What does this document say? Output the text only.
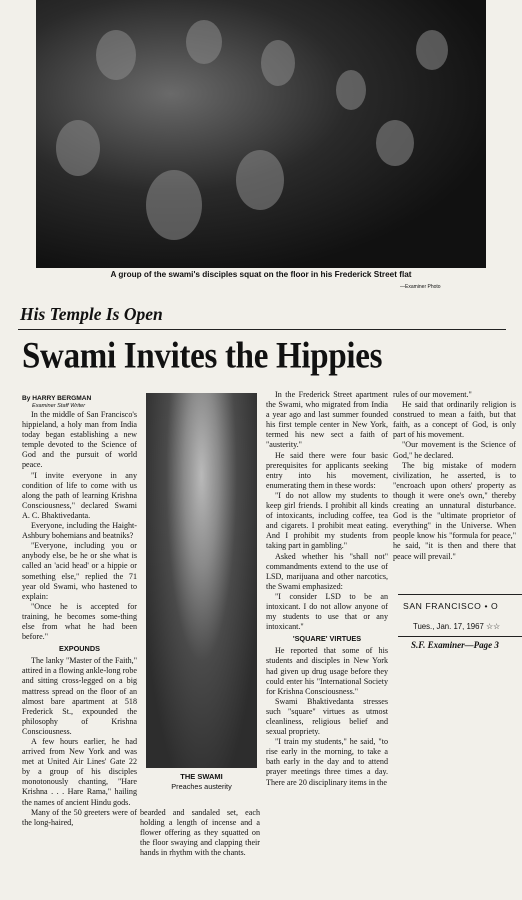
A group of the swami's disciples squat on the floor in his Frederick Street flat
—Examiner Photo
His Temple Is Open
Swami Invites the Hippies
By HARRY BERGMAN
Examiner Staff Writer

In the middle of San Francisco's hippieland, a holy man from India today began establishing a new temple devoted to the Science of God and the pursuit of world peace.

"I invite everyone in any condition of life to come with us along the path of learning Krishna Consciousness," declared Swami A. C. Bhaktivedanta.

Everyone, including the Haight-Ashbury bohemians and beatniks?

"Everyone, including you or anybody else, be he or she what is called an 'acid head' or a hippie or something else," replied the 71 year old Swami, who hastened to explain:

"Once he is accepted for training, he becomes some-thing else from what he had been before."

EXPOUNDS

The lanky "Master of the Faith," attired in a flowing ankle-long robe and sitting cross-legged on a big mattress spread on the floor of an almost bare apartment at 518 Frederick St., expounded the philosophy of Krishna Consciousness.

A few hours earlier, he had arrived from New York and was met at United Air Lines' Gate 22 by a group of his disciples monotonously chanting, "Hare Krishna . . . Hare Rama," hailing the names of ancient Hindu gods.

Many of the 50 greeters were of the long-haired,

THE SWAMI
Preaches austerity

bearded and sandaled set, each holding a length of incense and a flower offering as they squatted on the floor swaying and clapping their hands in rhythm with the chants.

In the Frederick Street apartment the Swami, who migrated from India a year ago and last summer founded his first temple center in New York, termed his new sect a faith of "austerity."

He said there were four basic prerequisites for applicants seeking entry into his movement, enumerating them in these words:

"I do not allow my students to keep girl friends. I prohibit all kinds of intoxicants, including coffee, tea and cigarets. I prohibit meat eating. And I prohibit my students from taking part in gambling."

Asked whether his "shall not" commandments extend to the use of LSD, marijuana and other narcotics, the Swami emphasized:

"I consider LSD to be an intoxicant. I do not allow anyone of my students to use that or any intoxicant."

'SQUARE' VIRTUES

He reported that some of his students and disciples in New York had given up drug usage before they could enter his "International Society for Krishna Consciousness."

Swami Bhaktivedanta stresses such "square" virtues as utmost cleanliness, religious belief and sexual propriety.

"I train my students," he said, "to rise early in the morning, to take a bath early in the day and to attend prayer meetings three times a day. There are 20 disciplinary items in the

rules of our movement."

He said that ordinarily religion is construed to mean a faith, but that faith, as a concept of God, is only part of his movement.

"Our movement is the Science of God," he declared.

The big mistake of modern civilization, he asserted, is to "encroach upon others' property as though it were one's own," thereby creating an unnatural disturbance. God is the "ultimate proprietor of everything" in the Universe. When people know his "formula for peace," he said, "it is then and there that peace will prevail."

SAN FRANCISCO • O
Tues., Jan. 17, 1967 ☆☆
S.F. Examiner—Page 3
